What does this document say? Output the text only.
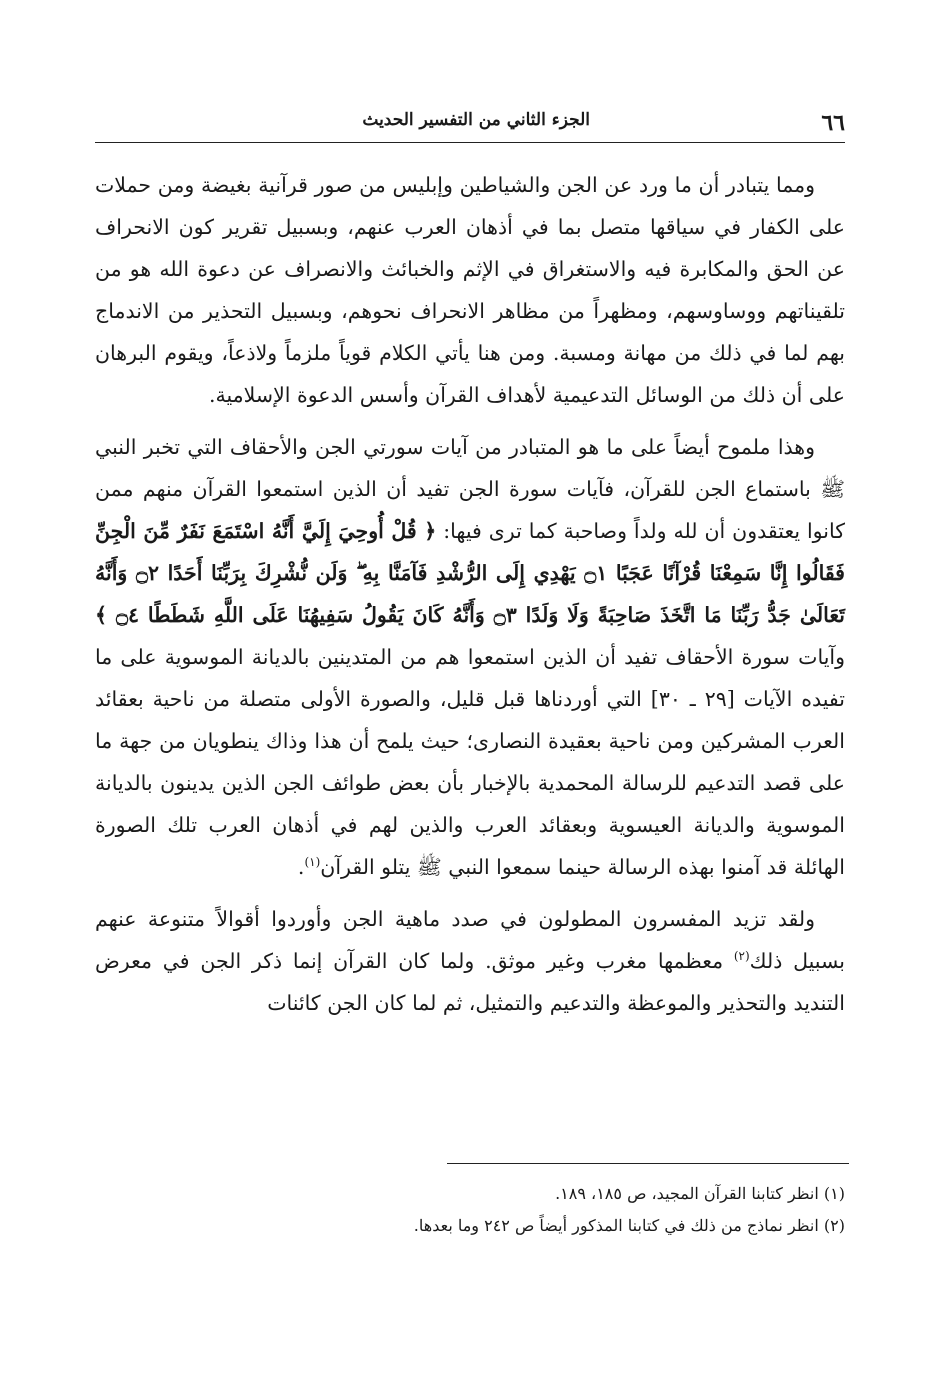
٦٦
الجزء الثاني من التفسير الحديث

ومما يتبادر أن ما ورد عن الجن والشياطين وإبليس من صور قرآنية بغيضة ومن حملات على الكفار في سياقها متصل بما في أذهان العرب عنهم، وبسبيل تقرير كون الانحراف عن الحق والمكابرة فيه والاستغراق في الإثم والخبائث والانصراف عن دعوة الله هو من تلقيناتهم ووساوسهم، ومظهراً من مظاهر الانحراف نحوهم، وبسبيل التحذير من الاندماج بهم لما في ذلك من مهانة ومسبة. ومن هنا يأتي الكلام قوياً ملزماً ولاذعاً، ويقوم البرهان على أن ذلك من الوسائل التدعيمية لأهداف القرآن وأسس الدعوة الإسلامية.

وهذا ملموح أيضاً على ما هو المتبادر من آيات سورتي الجن والأحقاف التي تخبر النبي ﷺ باستماع الجن للقرآن، فآيات سورة الجن تفيد أن الذين استمعوا القرآن منهم ممن كانوا يعتقدون أن لله ولداً وصاحبة كما ترى فيها: ﴿ قُلْ أُوحِيَ إِلَيَّ أَنَّهُ اسْتَمَعَ نَفَرٌ مِّنَ الْجِنِّ فَقَالُوا إِنَّا سَمِعْنَا قُرْآنًا عَجَبًا ۝١ يَهْدِي إِلَى الرُّشْدِ فَآمَنَّا بِهِ ۖ وَلَن نُّشْرِكَ بِرَبِّنَا أَحَدًا ۝٢ وَأَنَّهُ تَعَالَىٰ جَدُّ رَبِّنَا مَا اتَّخَذَ صَاحِبَةً وَلَا وَلَدًا ۝٣ وَأَنَّهُ كَانَ يَقُولُ سَفِيهُنَا عَلَى اللَّهِ شَطَطًا ۝٤ ﴾ وآيات سورة الأحقاف تفيد أن الذين استمعوا هم من المتدينين بالديانة الموسوية على ما تفيده الآيات [٢٩ ـ ٣٠] التي أوردناها قبل قليل، والصورة الأولى متصلة من ناحية بعقائد العرب المشركين ومن ناحية بعقيدة النصارى؛ حيث يلمح أن هذا وذاك ينطويان من جهة ما على قصد التدعيم للرسالة المحمدية بالإخبار بأن بعض طوائف الجن الذين يدينون بالديانة الموسوية والديانة العيسوية وبعقائد العرب والذين لهم في أذهان العرب تلك الصورة الهائلة قد آمنوا بهذه الرسالة حينما سمعوا النبي ﷺ يتلو القرآن$^{(١)}$.

ولقد تزيد المفسرون المطولون في صدد ماهية الجن وأوردوا أقوالاً متنوعة عنهم بسبيل ذلك$^{(٢)}$ معظمها مغرب وغير موثق. ولما كان القرآن إنما ذكر الجن في معرض التنديد والتحذير والموعظة والتدعيم والتمثيل، ثم لما كان الجن كائنات

(١) انظر كتابنا القرآن المجيد، ص ١٨٥، ١٨٩.

(٢) انظر نماذج من ذلك في كتابنا المذكور أيضاً ص ٢٤٢ وما بعدها.
